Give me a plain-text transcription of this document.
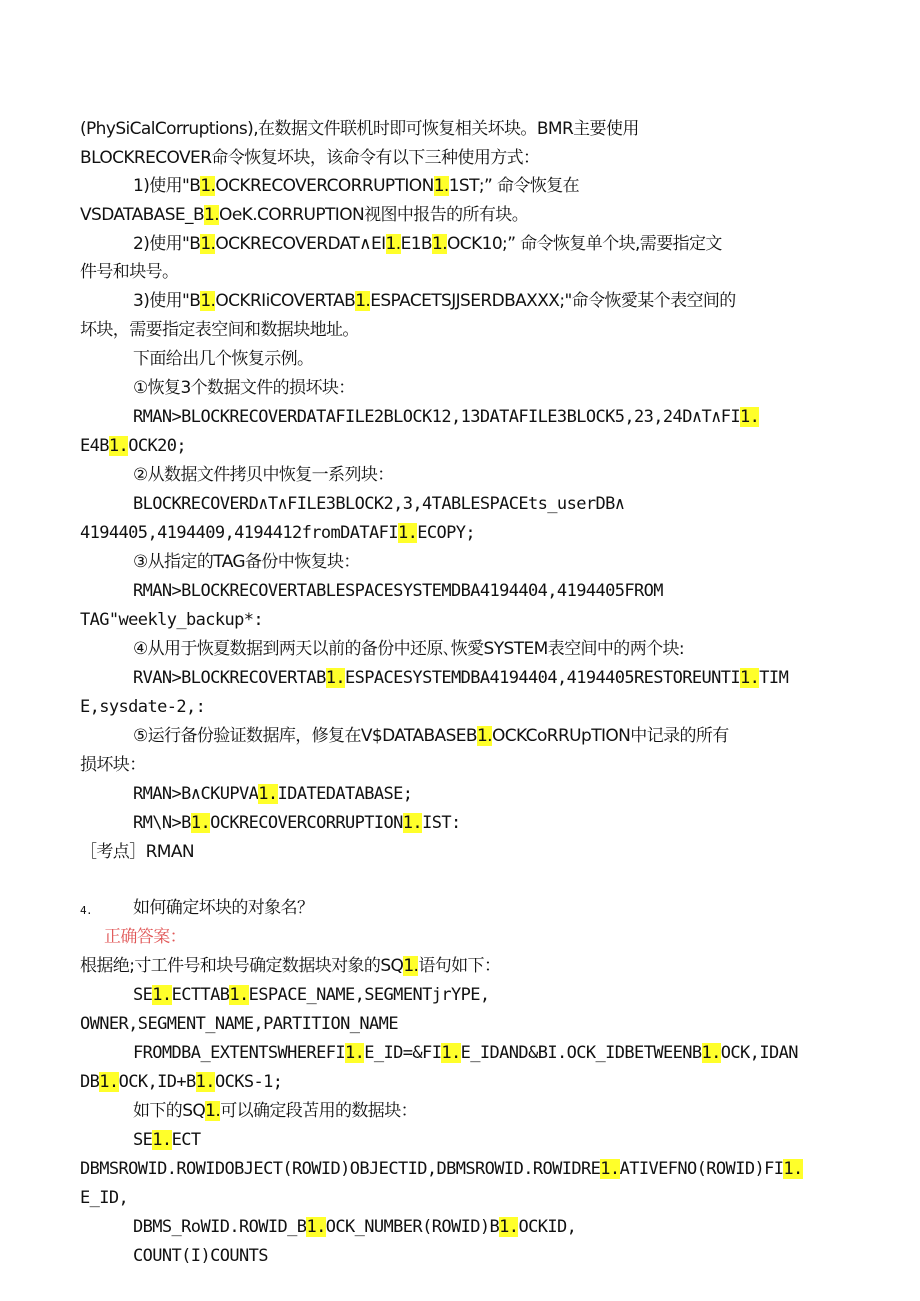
(PhySiCalCorruptions),在数据文件联机时即可恢复相关坏块。BMR主要使用
BLOCKRECOVER命令恢复坏块，该命令有以下三种使用方式：
1)使用"B1.OCKRECOVERCORRUPTION1.1ST;” 命令恢复在
VSDATABASE_B1.OeK.CORRUPTION视图中报告的所有块。
2)使用"B1.OCKRECOVERDAT∧EI1.E1B1.OCK10;” 命令恢复单个块,需要指定文
件号和块号。
3)使用"B1.OCKRIiCOVERTAB1.ESPACETSJJSERDBAXXX;"命令恢愛某个表空间的
坏块，需要指定表空间和数据块地址。
下面给出几个恢复示例。
①恢复3个数据文件的损坏块：
RMAN>BLOCKRECOVERDATAFILE2BLOCK12,13DATAFILE3BLOCK5,23,24D∧T∧FI1.
E4B1.OCK20;
②从数据文件拷贝中恢复一系列块：
BLOCKRECOVERD∧T∧FILE3BLOCK2,3,4TABLESPACEts_userDB∧
4194405,4194409,4194412fromDATAFI1.ECOPY;
③从指定的TAG备份中恢复块：
RMAN>BLOCKRECOVERTABLESPACESYSTEMDBA4194404,4194405FROM
TAG"weekly_backup*:
④从用于恢夏数据到两天以前的备份中还原､恢愛SYSTEM表空间中的两个块:
RVAN>BLOCKRECOVERTAB1.ESPACESYSTEMDBA4194404,4194405RESTOREUNTI1.TIM
E,sysdate-2,:
⑤运行备份验证数据库，修复在V$DATABASEB1.OCKCoRRUpTION中记录的所有
损坏块：
RMAN>B∧CKUPVA1.IDATEDATABASE;
RM\N>B1.OCKRECOVERCORRUPTION1.IST:
［考点］RMAN
4. 如何确定坏块的对象名？
正确答案：
根据绝;寸工件号和块号确定数据块对象的SQ1.语句如下：
SE1.ECTTAB1.ESPACE_NAME,SEGMENTjrYPE,
OWNER,SEGMENT_NAME,PARTITION_NAME
FROMDBA_EXTENTSWHEREFI1.E_ID=&FI1.E_IDAND&BI.OCK_IDBETWEENB1.OCK,IDAN
DB1.OCK,ID+B1.OCKS-1;
如下的SQ1.可以确定段苫用的数据块：
SE1.ECT
DBMSROWID.ROWIDOBJECT(ROWID)OBJECTID,DBMSROWID.ROWIDRE1.ATIVEFNO(ROWID)FI1.
E_ID,
DBMS_RoWID.ROWID_B1.OCK_NUMBER(ROWID)B1.OCKID,
COUNT(I)COUNTS
